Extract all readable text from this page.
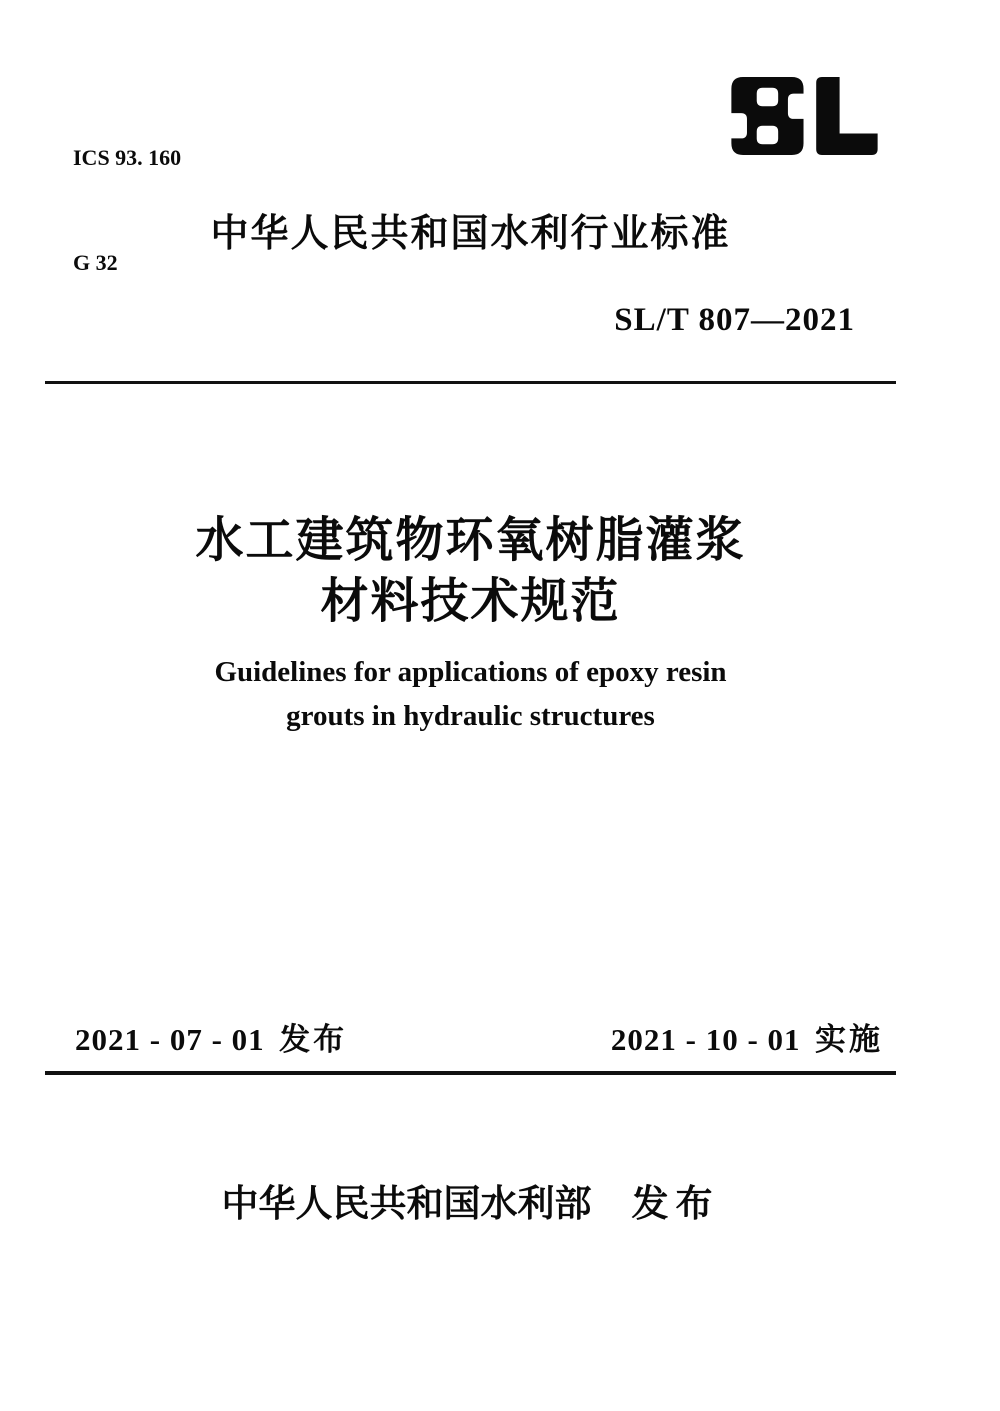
ICS 93. 160

G 32

中华人民共和国水利行业标准
SL/T 807—2021
水工建筑物环氧树脂灌浆
材料技术规范
Guidelines for applications of epoxy resin
grouts in hydraulic structures
2021 - 07 - 01 发布	2021 - 10 - 01 实施
中华人民共和国水利部 发布
